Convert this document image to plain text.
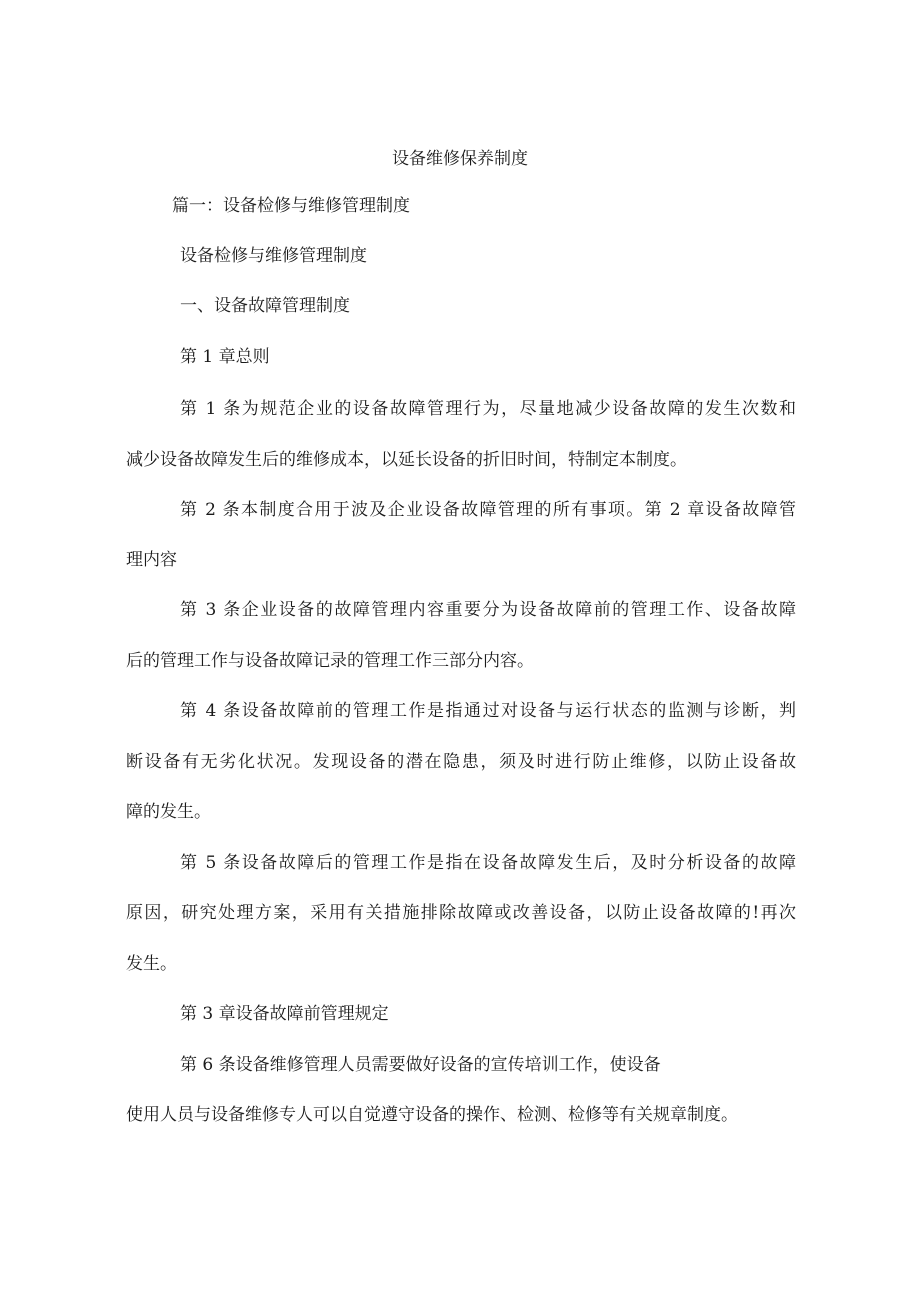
设备维修保养制度

篇一：设备检修与维修管理制度

设备检修与维修管理制度

一、设备故障管理制度

第 1 章总则

第 1 条为规范企业的设备故障管理行为，尽量地减少设备故障的发生次数和

减少设备故障发生后的维修成本，以延长设备的折旧时间，特制定本制度。

第 2 条本制度合用于波及企业设备故障管理的所有事项。第 2 章设备故障管

理内容

第 3 条企业设备的故障管理内容重要分为设备故障前的管理工作、设备故障

后的管理工作与设备故障记录的管理工作三部分内容。

第 4 条设备故障前的管理工作是指通过对设备与运行状态的监测与诊断，判

断设备有无劣化状况。发现设备的潜在隐患，须及时进行防止维修，以防止设备故

障的发生。

第 5 条设备故障后的管理工作是指在设备故障发生后，及时分析设备的故障

原因，研究处理方案，采用有关措施排除故障或改善设备，以防止设备故障的!再次

发生。

第 3 章设备故障前管理规定

第 6 条设备维修管理人员需要做好设备的宣传培训工作，使设备

使用人员与设备维修专人可以自觉遵守设备的操作、检测、检修等有关规章制度。
